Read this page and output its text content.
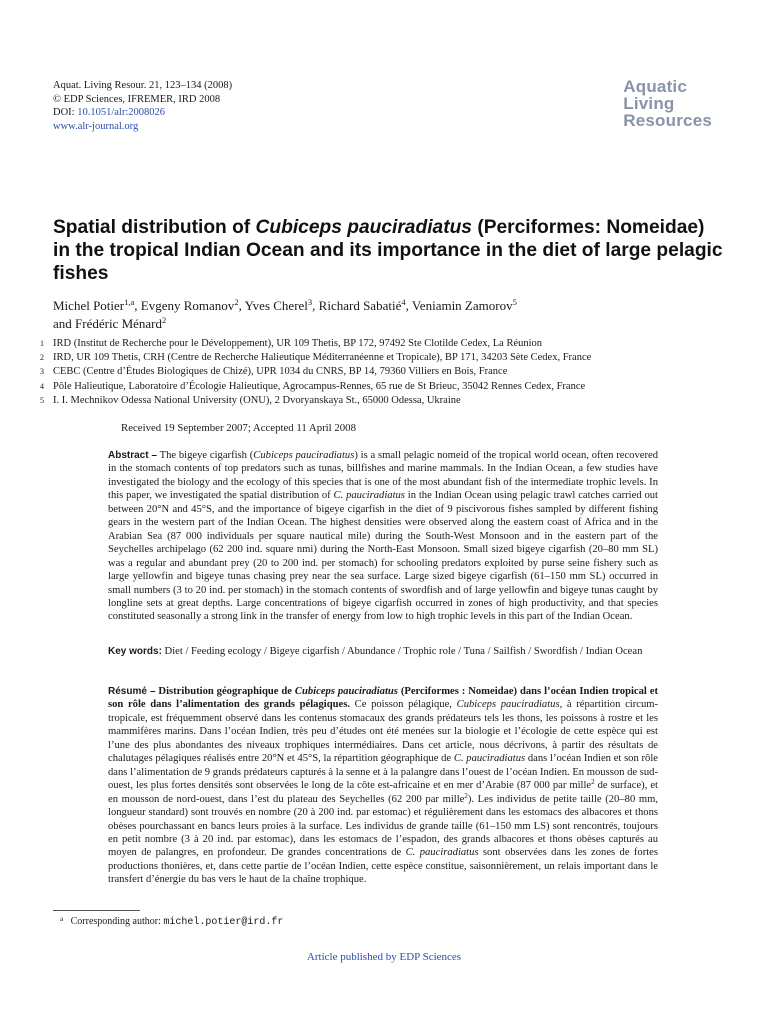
Aquat. Living Resour. 21, 123–134 (2008)
© EDP Sciences, IFREMER, IRD 2008
DOI: 10.1051/alr:2008026
www.alr-journal.org
Aquatic
Living
Resources
Spatial distribution of Cubiceps pauciradiatus (Perciformes: Nomeidae) in the tropical Indian Ocean and its importance in the diet of large pelagic fishes
Michel Potier$^{1,a}$, Evgeny Romanov$^2$, Yves Cherel$^3$, Richard Sabatié$^4$, Veniamin Zamorov$^5$
and Frédéric Ménard$^2$
1 IRD (Institut de Recherche pour le Développement), UR 109 Thetis, BP 172, 97492 Ste Clotilde Cedex, La Réunion
2 IRD, UR 109 Thetis, CRH (Centre de Recherche Halieutique Méditerranéenne et Tropicale), BP 171, 34203 Sète Cedex, France
3 CEBC (Centre d’Études Biologiques de Chizé), UPR 1034 du CNRS, BP 14, 79360 Villiers en Bois, France
4 Pôle Halieutique, Laboratoire d’Écologie Halieutique, Agrocampus-Rennes, 65 rue de St Brieuc, 35042 Rennes Cedex, France
5 I. I. Mechnikov Odessa National University (ONU), 2 Dvoryanskaya St., 65000 Odessa, Ukraine
Received 19 September 2007; Accepted 11 April 2008

Abstract – The bigeye cigarfish (Cubiceps pauciradiatus) is a small pelagic nomeid of the tropical world ocean, often recovered in the stomach contents of top predators such as tunas, billfishes and marine mammals. In the Indian Ocean, a few studies have investigated the biology and the ecology of this species that is one of the most abundant fish of the intermediate trophic levels. In this paper, we investigated the spatial distribution of C. pauciradiatus in the Indian Ocean using pelagic trawl catches carried out between 20°N and 45°S, and the importance of bigeye cigarfish in the diet of 9 piscivorous fishes sampled by different fishing gears in the western part of the Indian Ocean. The highest densities were observed along the eastern coast of Africa and in the Arabian Sea (87 000 individuals per square nautical mile) during the South-West Monsoon and in the eastern part of the Seychelles archipelago (62 200 ind. square nmi) during the North-East Monsoon. Small sized bigeye cigarfish (20–80 mm SL) was a regular and abundant prey (20 to 200 ind. per stomach) for schooling predators exploited by purse seine fishery such as large yellowfin and bigeye tunas chasing prey near the sea surface. Large sized bigeye cigarfish (61–150 mm SL) occurred in small numbers (3 to 20 ind. per stomach) in the stomach contents of swordfish and of large yellowfin and bigeye tunas caught by longline sets at great depths. Large concentrations of bigeye cigarfish occurred in zones of high productivity, and that species constituted seasonally a strong link in the transfer of energy from low to high trophic levels in this part of the Indian Ocean.

Key words: Diet / Feeding ecology / Bigeye cigarfish / Abundance / Trophic role / Tuna / Sailfish / Swordfish / Indian Ocean

Résumé – Distribution géographique de Cubiceps pauciradiatus (Perciformes : Nomeidae) dans l’océan Indien tropical et son rôle dans l’alimentation des grands pélagiques. Ce poisson pélagique, Cubiceps pauciradiatus, à répartition circum-tropicale, est fréquemment observé dans les contenus stomacaux des grands prédateurs tels les thons, les poissons à rostre et les mammifères marins. Dans l’océan Indien, très peu d’études ont été menées sur la biologie et l’écologie de cette espèce qui est l’une des plus abondantes des niveaux trophiques intermédiaires. Dans cet article, nous décrivons, à partir des résultats de chalutages pélagiques réalisés entre 20°N et 45°S, la répartition géographique de C. pauciradiatus dans l’océan Indien et son rôle dans l’alimentation de 9 grands prédateurs capturés à la senne et à la palangre dans l’ouest de l’océan Indien. En mousson de sud-ouest, les plus fortes densités sont observées le long de la côte est-africaine et en mer d’Arabie (87 000 par mille$^2$ de surface), et en mousson de nord-ouest, dans l’est du plateau des Seychelles (62 200 par mille$^2$). Les individus de petite taille (20–80 mm, longueur standard) sont trouvés en nombre (20 à 200 ind. par estomac) et régulièrement dans les estomacs des albacores et thons obèses pourchassant en bancs leurs proies à la surface. Les individus de grande taille (61–150 mm LS) sont rencontrés, toujours en petit nombre (3 à 20 ind. par estomac), dans les estomacs de l’espadon, des grands albacores et thons obèses capturés au moyen de palangres, en profondeur. De grandes concentrations de C. pauciradiatus sont observées dans les zones de fortes productions thonières, et, dans cette partie de l’océan Indien, cette espèce constitue, saisonnièrement, un relais important dans le transfert d’énergie du bas vers le haut de la chaîne trophique.

$^a$ Corresponding author: michel.potier@ird.fr
Article published by EDP Sciences
